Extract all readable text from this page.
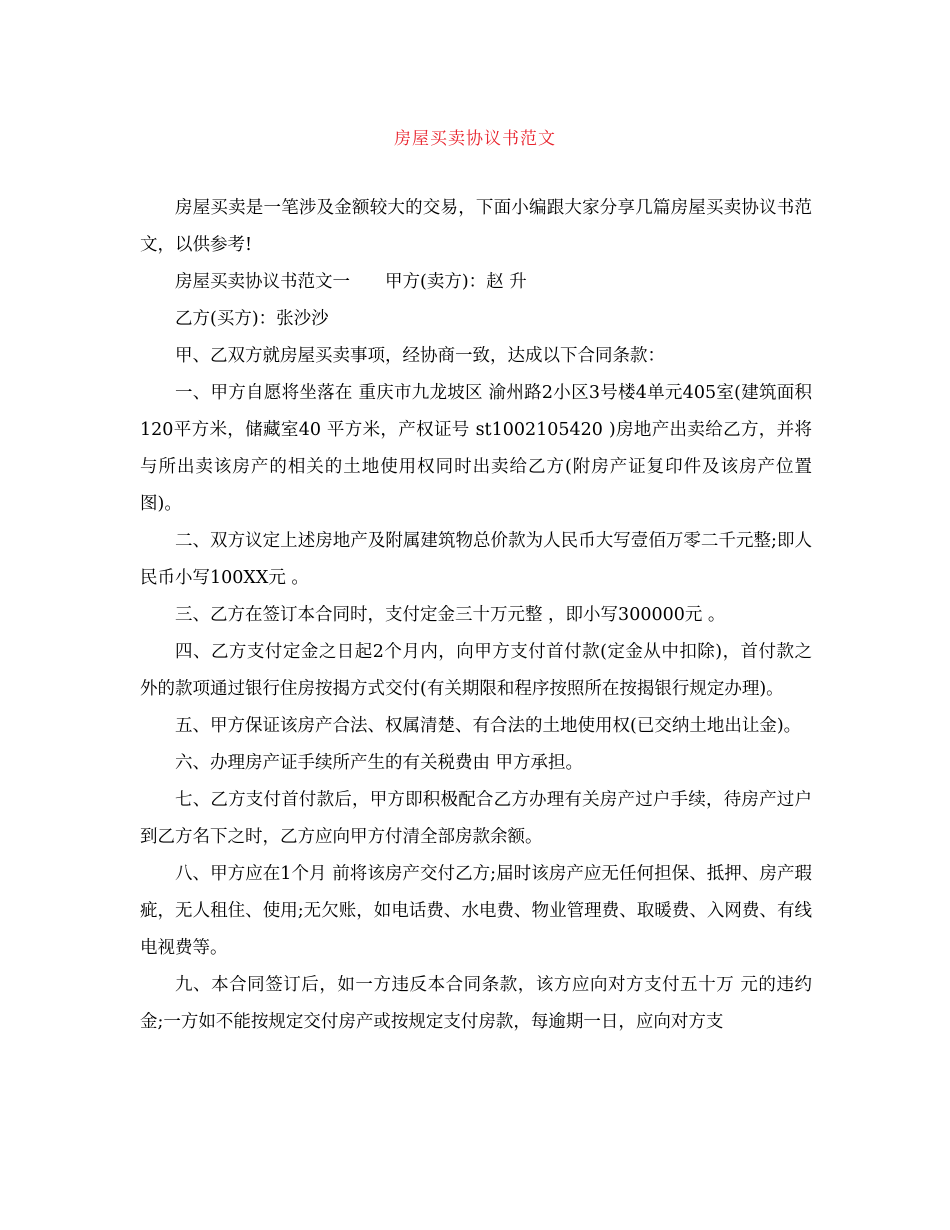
房屋买卖协议书范文

房屋买卖是一笔涉及金额较大的交易，下面小编跟大家分享几篇房屋买卖协议书范文，以供参考!

房屋买卖协议书范文一　　甲方(卖方)：赵 升

乙方(买方)：张沙沙

甲、乙双方就房屋买卖事项，经协商一致，达成以下合同条款：

一、甲方自愿将坐落在 重庆市九龙坡区 渝州路2小区3号楼4单元405室(建筑面积120平方米，储藏室40 平方米，产权证号 st1002105420 )房地产出卖给乙方，并将与所出卖该房产的相关的土地使用权同时出卖给乙方(附房产证复印件及该房产位置图)。

二、双方议定上述房地产及附属建筑物总价款为人民币大写壹佰万零二千元整;即人民币小写100XX元 。

三、乙方在签订本合同时，支付定金三十万元整 ，即小写300000元 。

四、乙方支付定金之日起2个月内，向甲方支付首付款(定金从中扣除)，首付款之外的款项通过银行住房按揭方式交付(有关期限和程序按照所在按揭银行规定办理)。

五、甲方保证该房产合法、权属清楚、有合法的土地使用权(已交纳土地出让金)。

六、办理房产证手续所产生的有关税费由 甲方承担。

七、乙方支付首付款后，甲方即积极配合乙方办理有关房产过户手续，待房产过户到乙方名下之时，乙方应向甲方付清全部房款余额。

八、甲方应在1个月 前将该房产交付乙方;届时该房产应无任何担保、抵押、房产瑕疵，无人租住、使用;无欠账，如电话费、水电费、物业管理费、取暖费、入网费、有线电视费等。

九、本合同签订后，如一方违反本合同条款，该方应向对方支付五十万 元的违约金;一方如不能按规定交付房产或按规定支付房款，每逾期一日，应向对方支
